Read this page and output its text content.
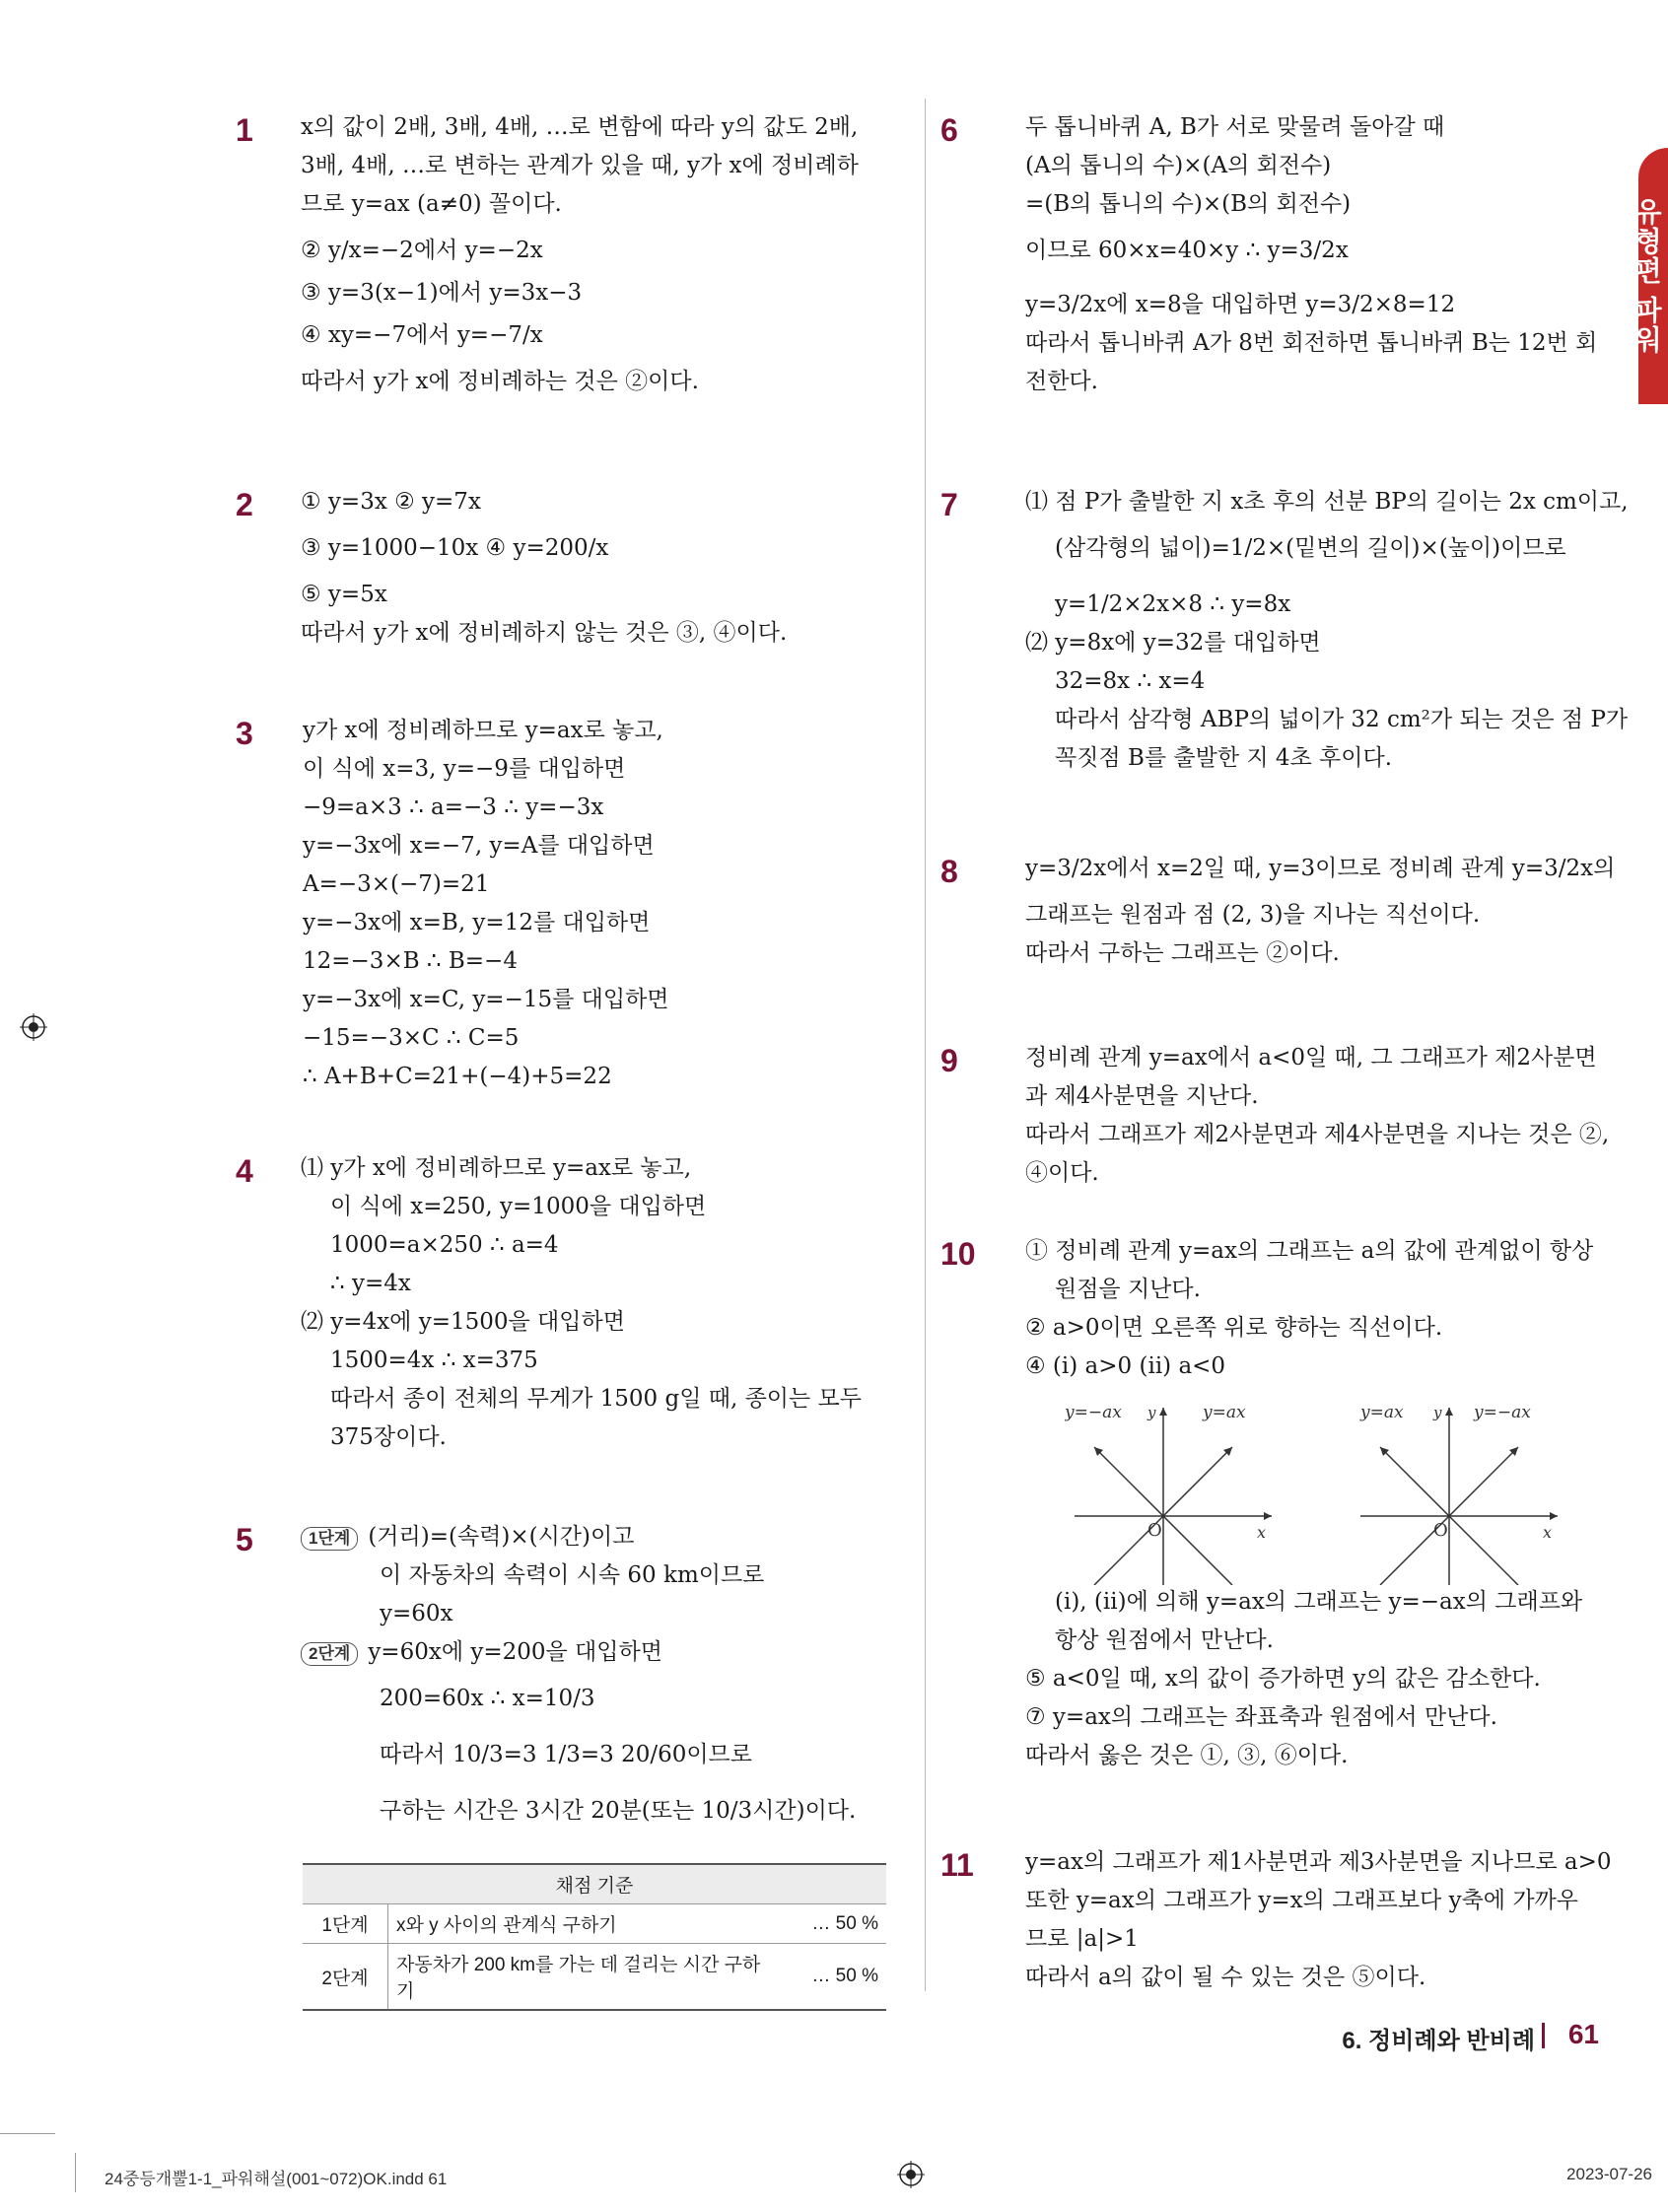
유형편 파워
1 x의 값이 2배, 3배, 4배, …로 변함에 따라 y의 값도 2배,
3배, 4배, …로 변하는 관계가 있을 때, y가 x에 정비례하
므로 y=ax (a≠0) 꼴이다.
② y/x=−2에서 y=−2x
③ y=3(x−1)에서 y=3x−3
④ xy=−7에서 y=−7/x
따라서 y가 x에 정비례하는 것은 ②이다.
2 ① y=3x ② y=7x
③ y=1000−10x ④ y=200/x
⑤ y=5x
따라서 y가 x에 정비례하지 않는 것은 ③, ④이다.
3 y가 x에 정비례하므로 y=ax로 놓고,
이 식에 x=3, y=−9를 대입하면
−9=a×3 ∴ a=−3 ∴ y=−3x
y=−3x에 x=−7, y=A를 대입하면
A=−3×(−7)=21
y=−3x에 x=B, y=12를 대입하면
12=−3×B ∴ B=−4
y=−3x에 x=C, y=−15를 대입하면
−15=−3×C ∴ C=5
∴ A+B+C=21+(−4)+5=22
4 ⑴ y가 x에 정비례하므로 y=ax로 놓고,
이 식에 x=250, y=1000을 대입하면
1000=a×250 ∴ a=4
∴ y=4x
⑵ y=4x에 y=1500을 대입하면
1500=4x ∴ x=375
따라서 종이 전체의 무게가 1500 g일 때, 종이는 모두
375장이다.
5	1단계 (거리)=(속력)×(시간)이고
이 자동차의 속력이 시속 60 km이므로
y=60x
2단계 y=60x에 y=200을 대입하면
200=60x ∴ x=10/3
따라서 10/3=3 1/3=3 20/60이므로
구하는 시간은 3시간 20분(또는 10/3시간)이다.
채점 기준		
1단계	x와 y 사이의 관계식 구하기	… 50 %
2단계	자동차가 200 km를 가는 데 걸리는 시간 구하기	… 50 %
6	두 톱니바퀴 A, B가 서로 맞물려 돌아갈 때
(A의 톱니의 수)×(A의 회전수)
=(B의 톱니의 수)×(B의 회전수)
이므로 60×x=40×y ∴ y=3/2x
y=3/2x에 x=8을 대입하면 y=3/2×8=12
따라서 톱니바퀴 A가 8번 회전하면 톱니바퀴 B는 12번 회
전한다.
7	⑴ 점 P가 출발한 지 x초 후의 선분 BP의 길이는 2x cm이고,
(삼각형의 넓이)=1/2×(밑변의 길이)×(높이)이므로
y=1/2×2x×8 ∴ y=8x
⑵ y=8x에 y=32를 대입하면
32=8x ∴ x=4
따라서 삼각형 ABP의 넓이가 32 cm²가 되는 것은 점 P가
꼭짓점 B를 출발한 지 4초 후이다.
8	y=3/2x에서 x=2일 때, y=3이므로 정비례 관계 y=3/2x의
그래프는 원점과 점 (2, 3)을 지나는 직선이다.
따라서 구하는 그래프는 ②이다.
9	정비례 관계 y=ax에서 a<0일 때, 그 그래프가 제2사분면
과 제4사분면을 지난다.
따라서 그래프가 제2사분면과 제4사분면을 지나는 것은 ②,
④이다.
10 ① 정비례 관계 y=ax의 그래프는 a의 값에 관계없이 항상
원점을 지난다.
② a>0이면 오른쪽 위로 향하는 직선이다.
④ (ⅰ) a>0 (ⅱ) a<0
(ⅰ), (ⅱ)에 의해 y=ax의 그래프는 y=−ax의 그래프와
항상 원점에서 만난다.
⑤ a<0일 때, x의 값이 증가하면 y의 값은 감소한다.
⑦ y=ax의 그래프는 좌표축과 원점에서 만난다.
따라서 옳은 것은 ①, ③, ⑥이다.
y=−ax	y=ax
y
x
O
y=ax	y=−ax
y
x
O
11 y=ax의 그래프가 제1사분면과 제3사분면을 지나므로 a>0
또한 y=ax의 그래프가 y=x의 그래프보다 y축에 가까우
므로 |a|>1
따라서 a의 값이 될 수 있는 것은 ⑤이다.
6. 정비례와 반비례 61
24중등개뿔1-1_파워해설(001~072)OK.indd 61	2023-07-26
